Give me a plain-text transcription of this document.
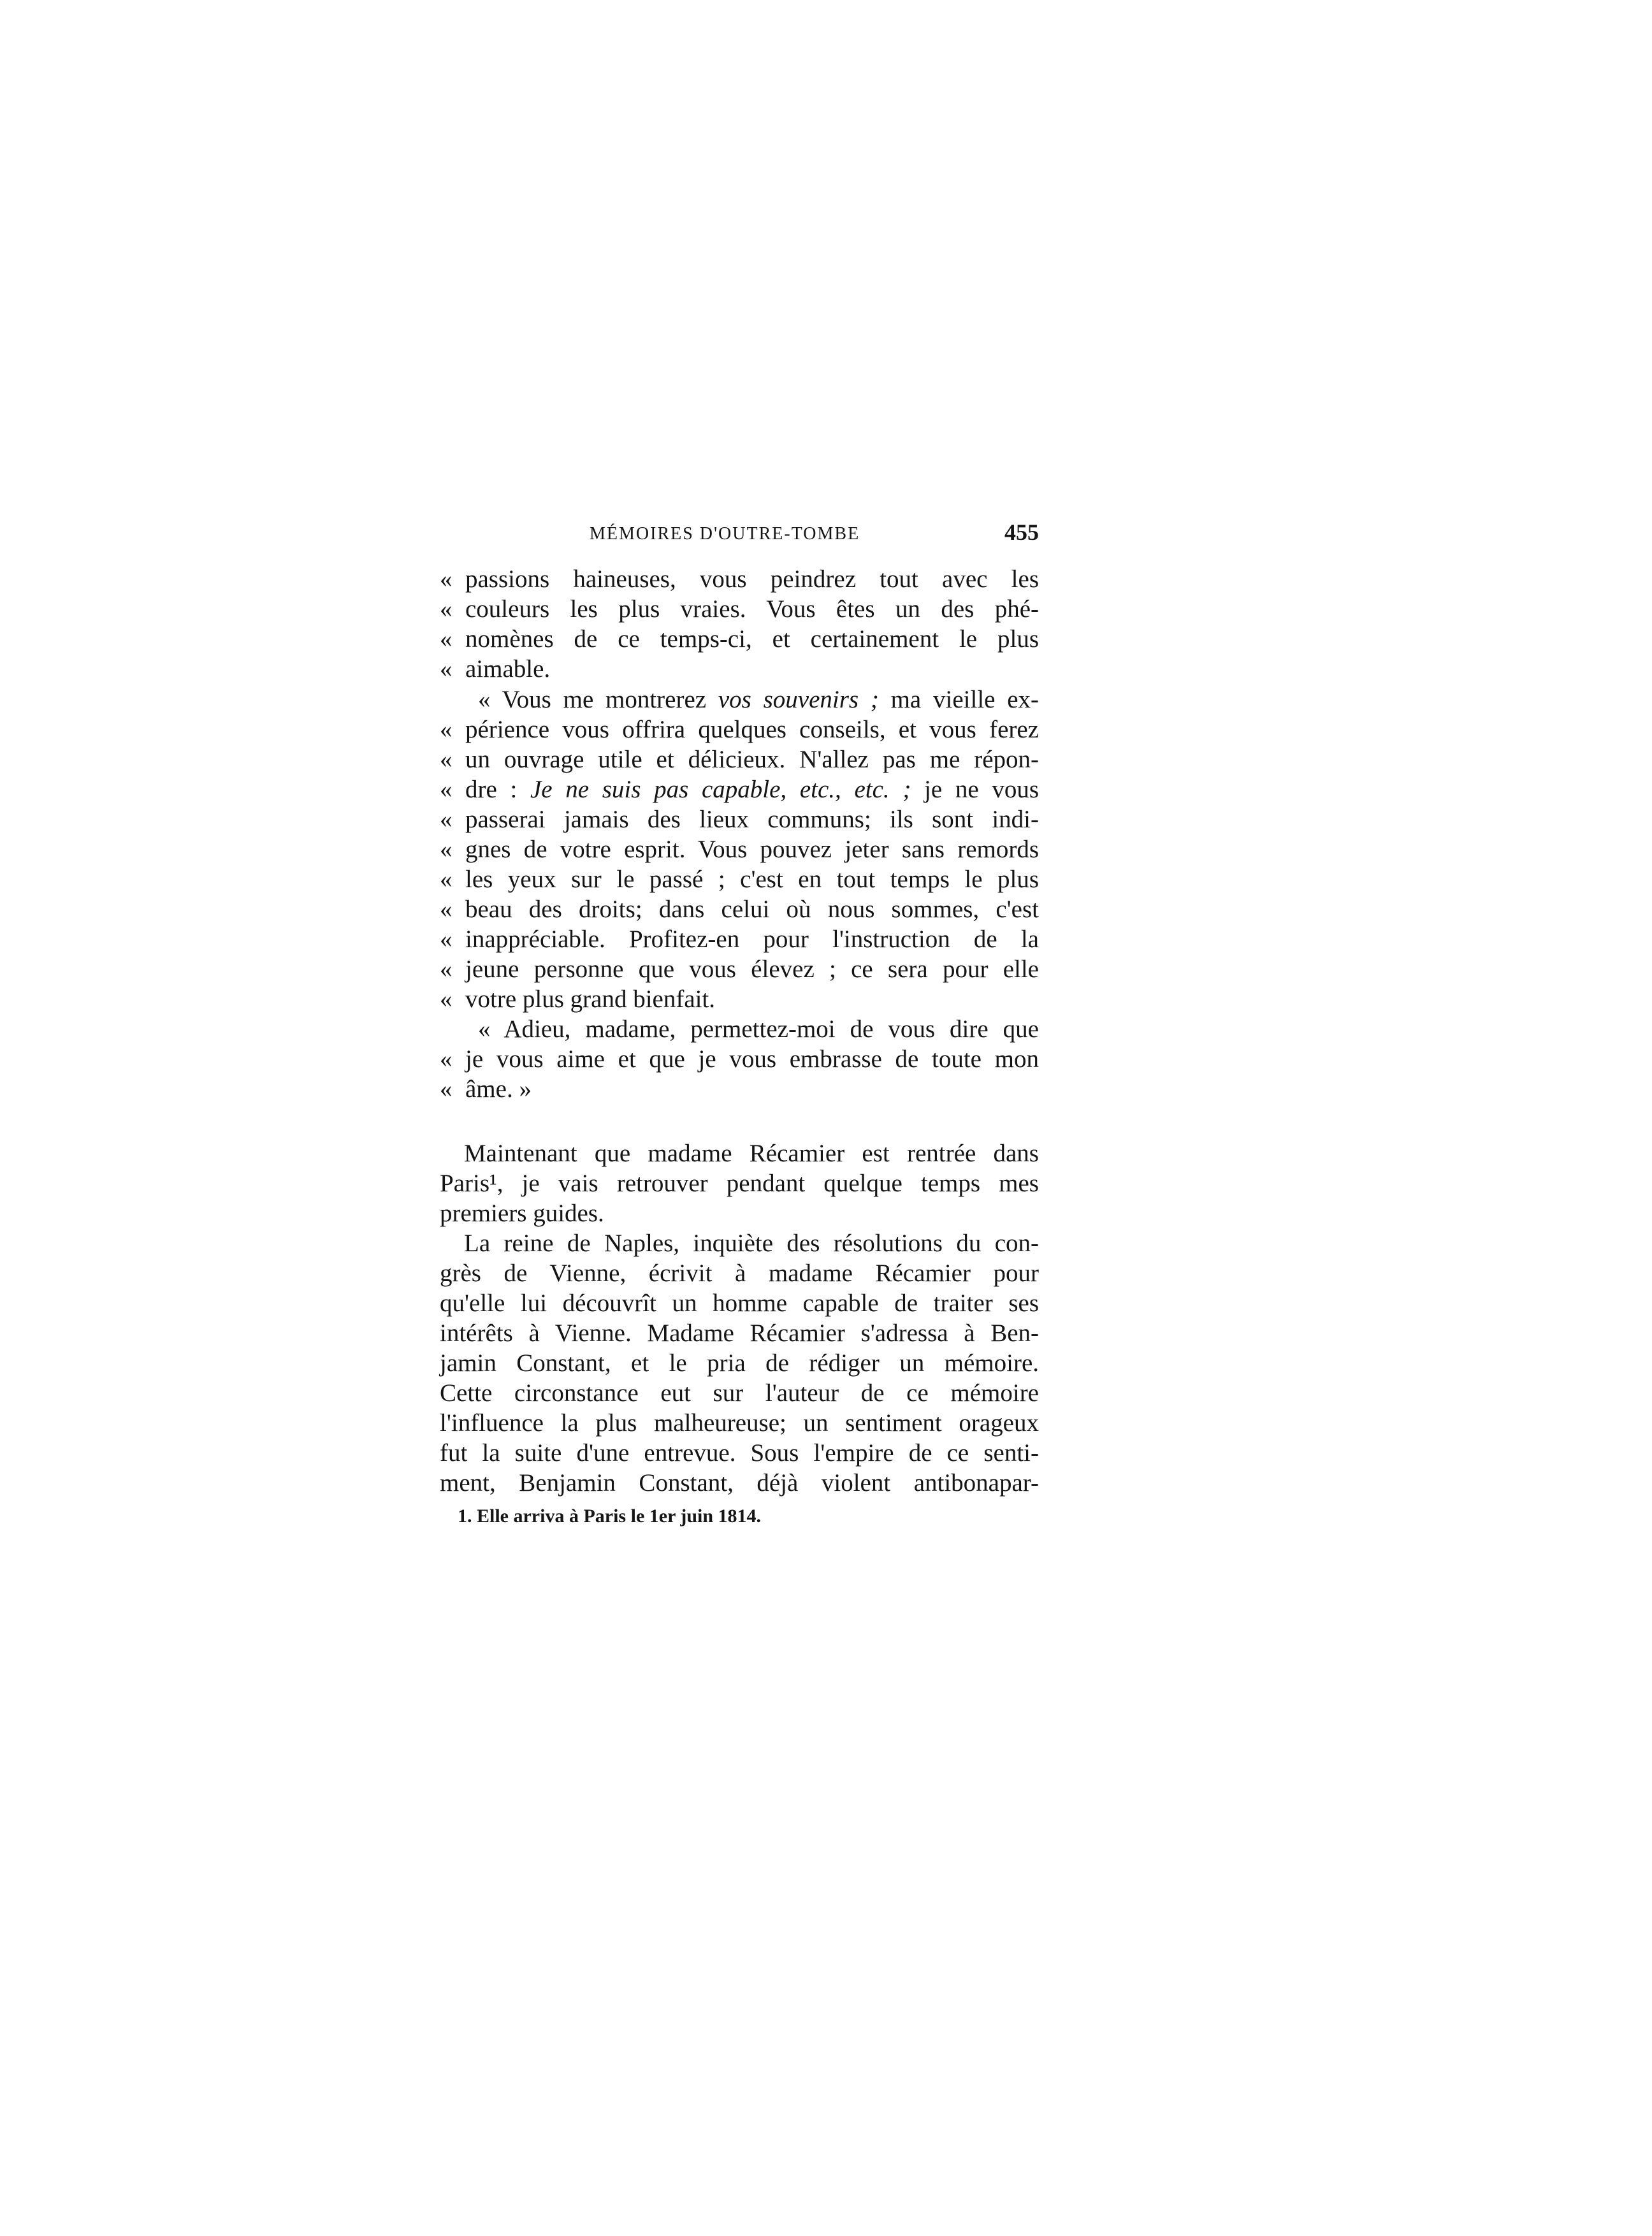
MÉMOIRES D'OUTRE-TOMBE	455
« passions haineuses, vous peindrez tout avec les
« couleurs les plus vraies. Vous êtes un des phé-
« nomènes de ce temps-ci, et certainement le plus
« aimable.
« Vous me montrerez vos souvenirs ; ma vieille ex-
« périence vous offrira quelques conseils, et vous ferez
« un ouvrage utile et délicieux. N'allez pas me répon-
« dre : Je ne suis pas capable, etc., etc. ; je ne vous
« passerai jamais des lieux communs; ils sont indi-
« gnes de votre esprit. Vous pouvez jeter sans remords
« les yeux sur le passé ; c'est en tout temps le plus
« beau des droits; dans celui où nous sommes, c'est
« inappréciable. Profitez-en pour l'instruction de la
« jeune personne que vous élevez ; ce sera pour elle
« votre plus grand bienfait.
« Adieu, madame, permettez-moi de vous dire que
« je vous aime et que je vous embrasse de toute mon
« âme. »
Maintenant que madame Récamier est rentrée dans
Paris¹, je vais retrouver pendant quelque temps mes
premiers guides.
La reine de Naples, inquiète des résolutions du con-
grès de Vienne, écrivit à madame Récamier pour
qu'elle lui découvrît un homme capable de traiter ses
intérêts à Vienne. Madame Récamier s'adressa à Ben-
jamin Constant, et le pria de rédiger un mémoire.
Cette circonstance eut sur l'auteur de ce mémoire
l'influence la plus malheureuse; un sentiment orageux
fut la suite d'une entrevue. Sous l'empire de ce senti-
ment, Benjamin Constant, déjà violent antibonapar-
1. Elle arriva à Paris le 1er juin 1814.
